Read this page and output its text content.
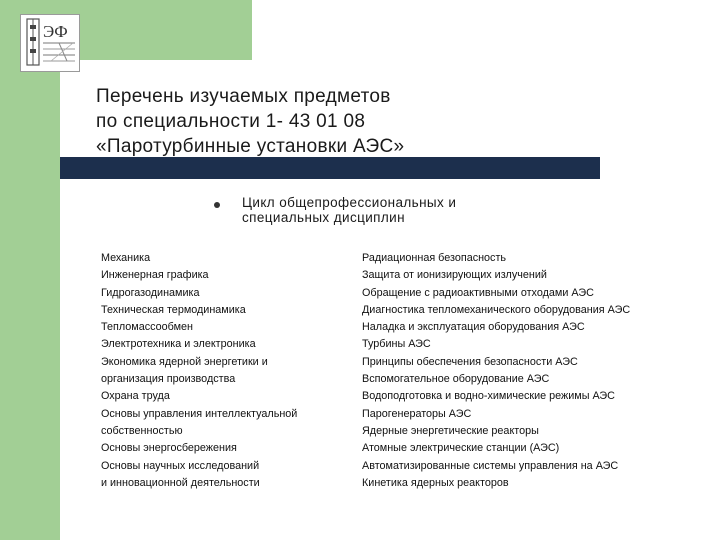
ЭФ
Перечень изучаемых предметов
по специальности 1- 43 01 08
«Паротурбинные установки АЭС»
Цикл общепрофессиональных и
специальных дисциплин
Механика
Инженерная графика
Гидрогазодинамика
Техническая термодинамика
Тепломассообмен
Электротехника и электроника
Экономика ядерной энергетики и
организация производства
Охрана труда
Основы управления интеллектуальной
собственностью
Основы энергосбережения
Основы научных исследований
и инновационной деятельности
Радиационная безопасность
Защита от ионизирующих излучений
Обращение с радиоактивными отходами АЭС
Диагностика тепломеханического оборудования АЭС
Наладка и эксплуатация оборудования АЭС
Турбины АЭС
Принципы обеспечения безопасности АЭС
Вспомогательное оборудование АЭС
Водоподготовка и водно-химические режимы АЭС
Парогенераторы АЭС
Ядерные энергетические реакторы
Атомные электрические станции (АЭС)
Автоматизированные системы управления на АЭС
Кинетика ядерных реакторов
